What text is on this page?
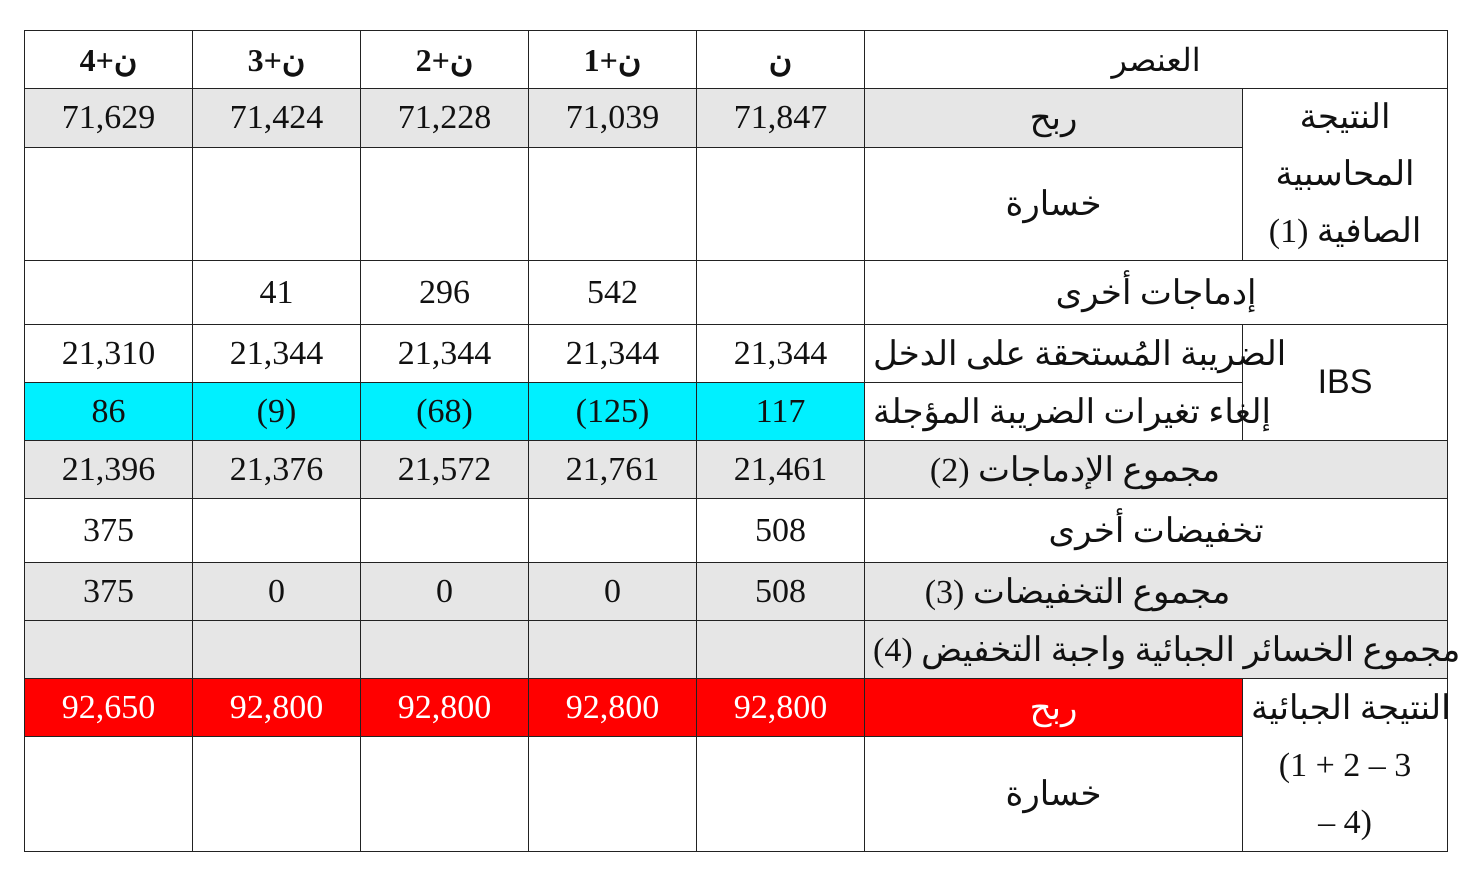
ن+4	ن+3	ن+2	ن+1	ن	العنصر	
71,629	71,424	71,228	71,039	71,847	ربح	النتيجة
المحاسبية
الصافية (1)
					خسارة	
	41	296	542		إدماجات أخرى	
21,310	21,344	21,344	21,344	21,344	الضريبة المُستحقة على الدخل	IBS
86	(9)	(68)	(125)	117	إلغاء تغيرات الضريبة المؤجلة	
21,396	21,376	21,572	21,761	21,461	مجموع الإدماجات (2)	
375				508	تخفيضات أخرى	
375	0	0	0	508	مجموع التخفيضات (3)	
					مجموع الخسائر الجبائية واجبة التخفيض (4)	
92,650	92,800	92,800	92,800	92,800	ربح	النتيجة الجبائية
(1 + 2 – 3
– 4)
					خسارة	
